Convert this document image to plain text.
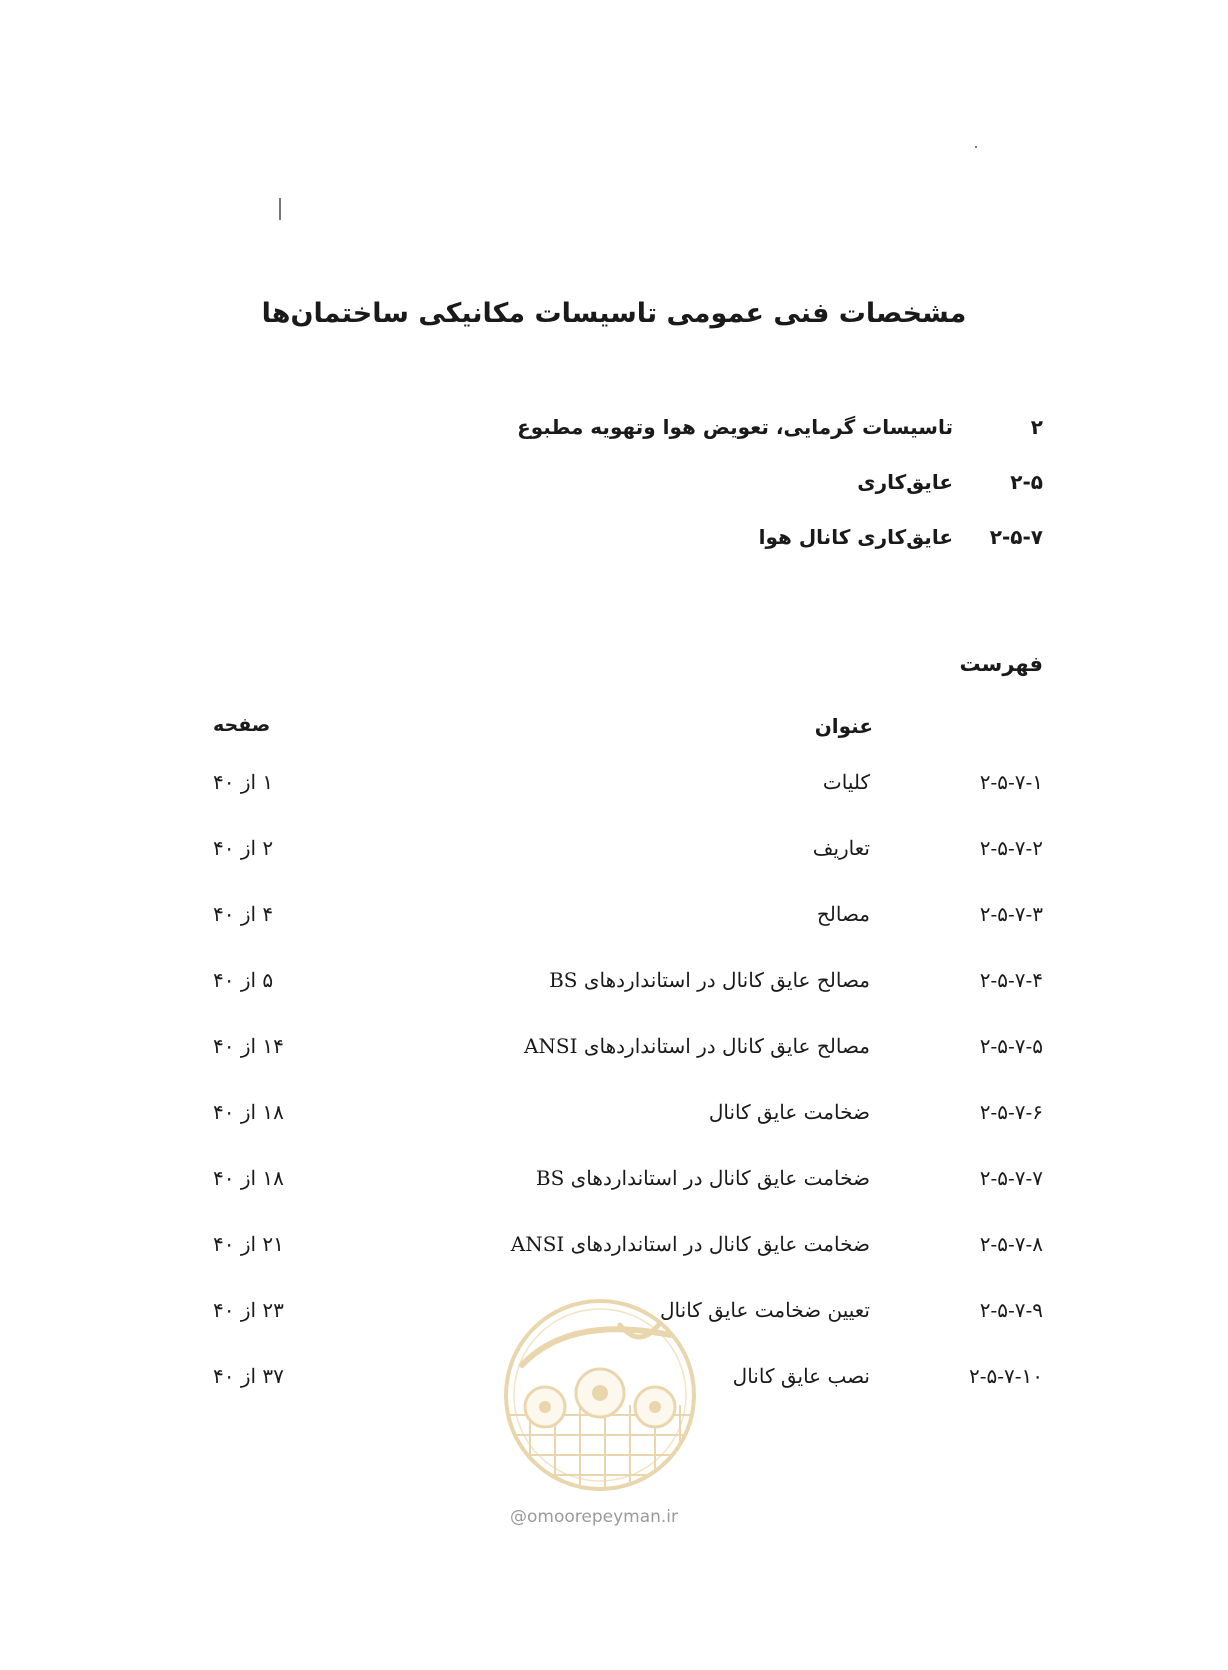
مشخصات فنی عمومی تاسیسات مکانیکی ساختمان‌ها
۲
تاسیسات گرمایی، تعویض هوا وتهویه مطبوع
۲-۵
عایق‌کاری
۲-۵-۷
عایق‌کاری کانال هوا
فهرست
عنوان
صفحه
۲-۵-۷-۱
کلیات
۱ از ۴۰
۲-۵-۷-۲
تعاریف
۲ از ۴۰
۲-۵-۷-۳
مصالح
۴ از ۴۰
۲-۵-۷-۴
مصالح عایق کانال در استانداردهای BS
۵ از ۴۰
۲-۵-۷-۵
مصالح عایق کانال در استانداردهای ANSI
۱۴ از ۴۰
۲-۵-۷-۶
ضخامت عایق کانال
۱۸ از ۴۰
۲-۵-۷-۷
ضخامت عایق کانال در استانداردهای BS
۱۸ از ۴۰
۲-۵-۷-۸
ضخامت عایق کانال در استانداردهای ANSI
۲۱ از ۴۰
۲-۵-۷-۹
تعیین ضخامت عایق کانال
۲۳ از ۴۰
۲-۵-۷-۱۰
نصب عایق کانال
۳۷ از ۴۰
@omoorepeyman.ir
